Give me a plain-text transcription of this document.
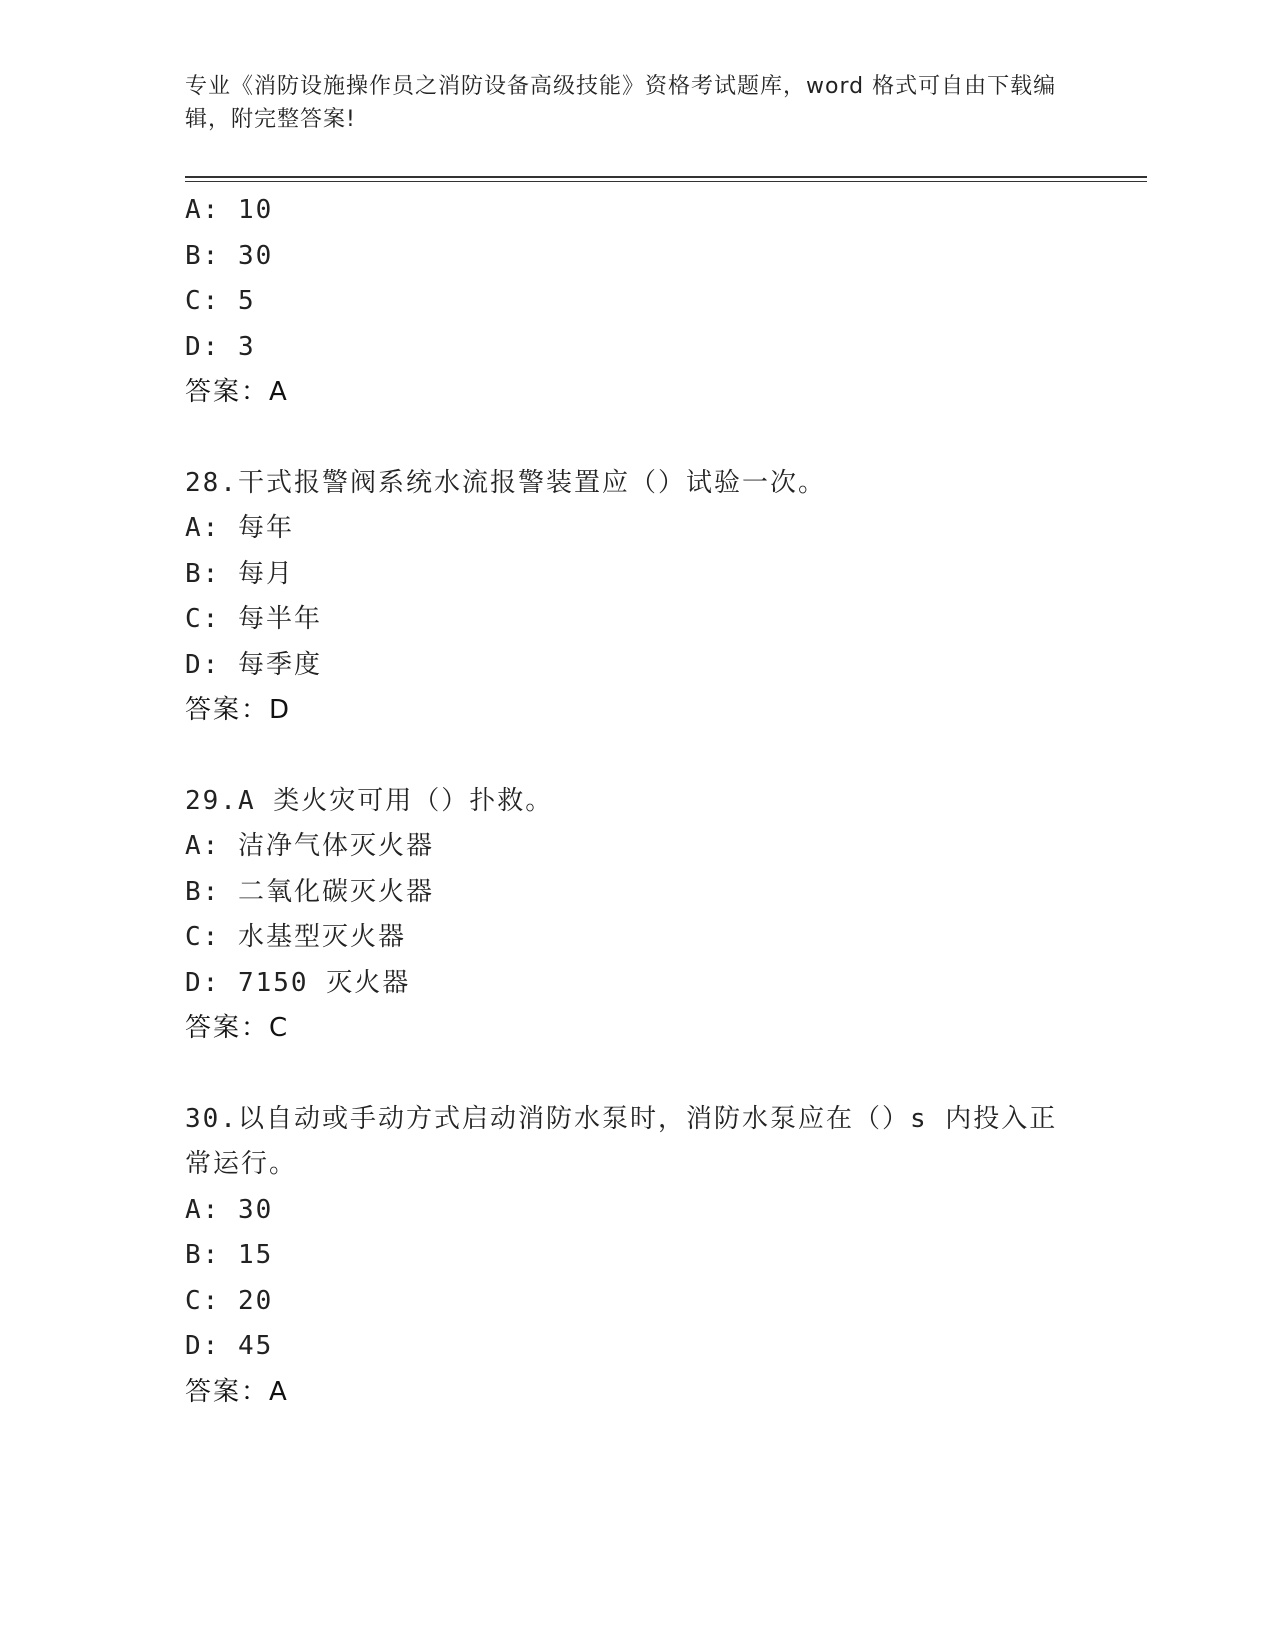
专业《消防设施操作员之消防设备高级技能》资格考试题库，word 格式可自由下载编辑，附完整答案!
A: 10
B: 30
C: 5
D: 3
答案：A
28.干式报警阀系统水流报警装置应（）试验一次。
A: 每年
B: 每月
C: 每半年
D: 每季度
答案：D
29.A 类火灾可用（）扑救。
A: 洁净气体灭火器
B: 二氧化碳灭火器
C: 水基型灭火器
D: 7150 灭火器
答案：C
30.以自动或手动方式启动消防水泵时，消防水泵应在（）s 内投入正常运行。
A: 30
B: 15
C: 20
D: 45
答案：A
